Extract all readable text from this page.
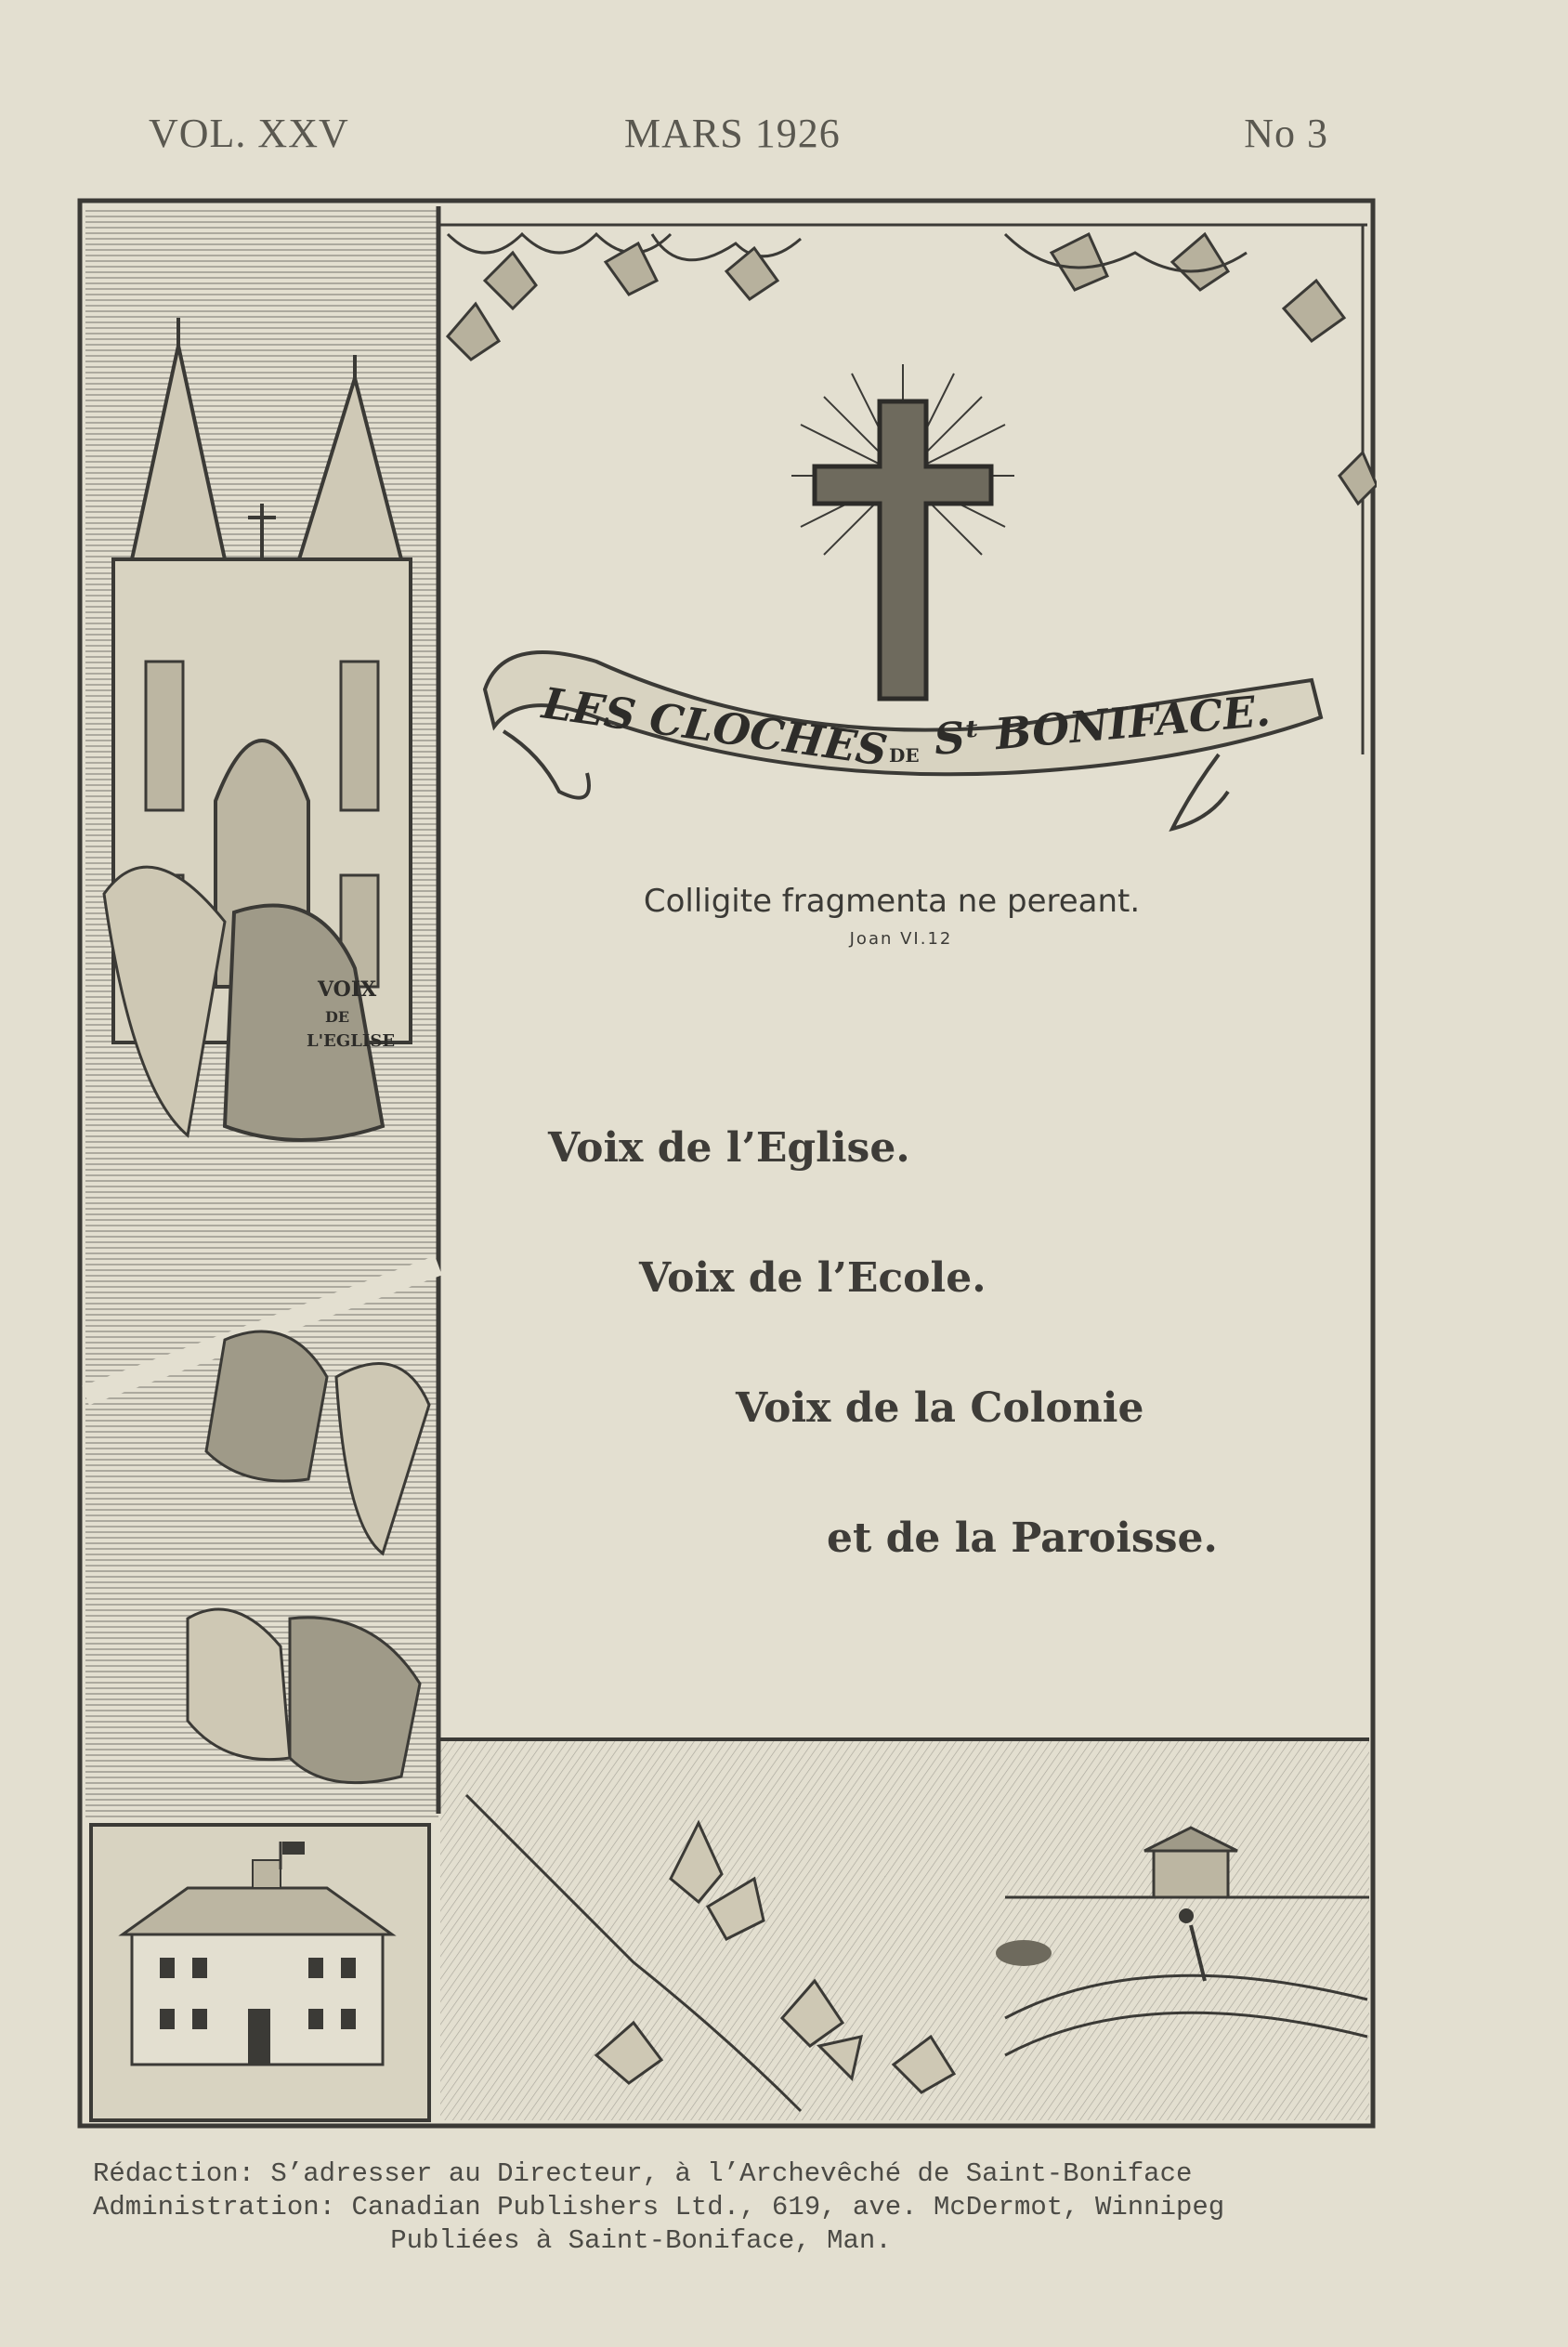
VOL. XXV	MARS 1926	No 3
VOIX
DE
L'EGLISE
LES CLOCHES
DE Sᵗ BONIFACE.
Colligite fragmenta ne pereant.
Joan VI.12
Voix de l’Eglise.
Voix de l’Ecole.
Voix de la Colonie
et de la Paroisse.
Rédaction: S’adresser au Directeur, à l’Archevêché de Saint-Boniface
Administration: Canadian Publishers Ltd., 619, ave. McDermot, Winnipeg
Publiées à Saint-Boniface, Man.
